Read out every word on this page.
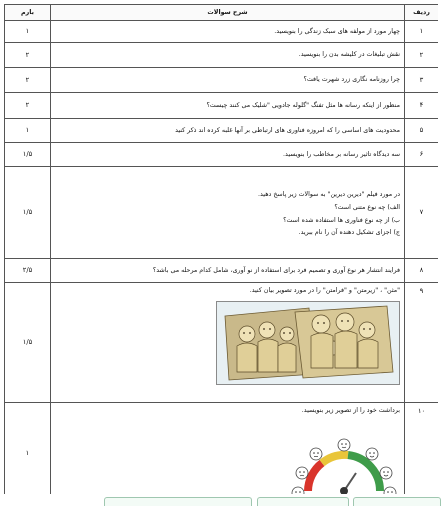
ردیف	شرح سوالات	بارم
۱	چهار مورد از مولفه های سبک زندگی را بنویسید.	۱
۲	نقش تبلیغات در کلیشه بدن را بنویسید.	۲
۳	چرا روزنامه نگاری زرد شهرت یافت؟	۲
۴	منظور از اینکه رسانه ها مثل تفنگ "گلوله جادویی "شلیک می کنند چیست؟	۲
۵	محدودیت های اساسی را که امروزه فناوری های ارتباطی بر آنها غلبه کرده اند ذکر کنید	۱
۶	سه دیدگاه تاثیر رسانه بر مخاطب را بنویسید.	۱/۵
۷	در مورد فیلم "دیرین دیرین" به سوالات زیر پاسخ دهید.
الف) چه نوع متنی است؟
ب) از چه نوع فناوری ها استفاده شده است؟
ج) اجزای تشکیل دهنده آن را نام ببرید.	۱/۵
۸	فرایند انتشار هر نوع آوری و تصمیم فرد برای استفاده از نو آوری، شامل کدام مرحله می باشد؟	۲/۵
۹	"مثن" ، "زیرمتن" و "فرامتن" را در مورد تصویر بیان کنید.	۱/۵
۱۰	برداشت خود را از تصویر زیر بنویسید.	۱
